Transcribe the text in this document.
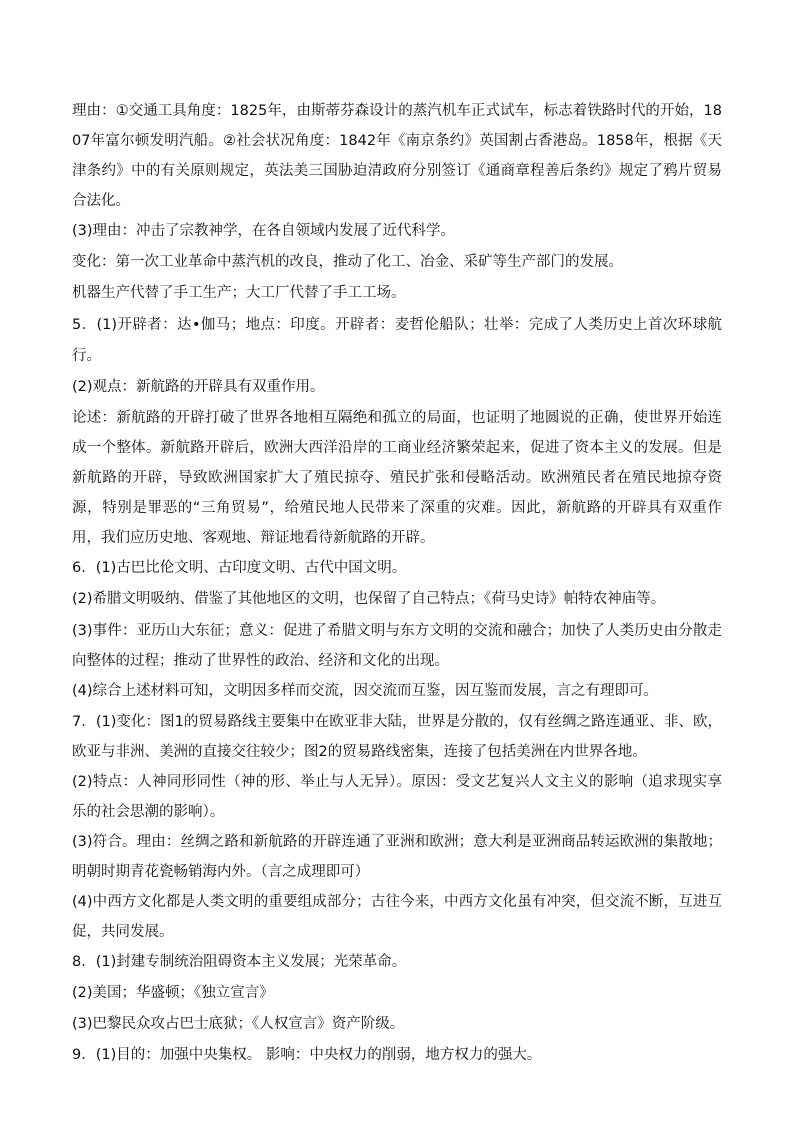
理由：①交通工具角度：1825年，由斯蒂芬森设计的蒸汽机车正式试车，标志着铁路时代的开始，1807年富尔顿发明汽船。②社会状况角度：1842年《南京条约》英国割占香港岛。1858年，根据《天津条约》中的有关原则规定，英法美三国胁迫清政府分别签订《通商章程善后条约》规定了鸦片贸易合法化。

(3)理由：冲击了宗教神学，在各自领域内发展了近代科学。

变化：第一次工业革命中蒸汽机的改良，推动了化工、冶金、采矿等生产部门的发展。

机器生产代替了手工生产；大工厂代替了手工工场。

5．(1)开辟者：达•伽马；地点：印度。开辟者：麦哲伦船队；壮举：完成了人类历史上首次环球航行。

(2)观点：新航路的开辟具有双重作用。

论述：新航路的开辟打破了世界各地相互隔绝和孤立的局面，也证明了地圆说的正确，使世界开始连成一个整体。新航路开辟后，欧洲大西洋沿岸的工商业经济繁荣起来，促进了资本主义的发展。但是新航路的开辟，导致欧洲国家扩大了殖民掠夺、殖民扩张和侵略活动。欧洲殖民者在殖民地掠夺资源，特别是罪恶的“三角贸易”，给殖民地人民带来了深重的灾难。因此，新航路的开辟具有双重作用，我们应历史地、客观地、辩证地看待新航路的开辟。

6．(1)古巴比伦文明、古印度文明、古代中国文明。

(2)希腊文明吸纳、借鉴了其他地区的文明，也保留了自己特点；《荷马史诗》帕特农神庙等。

(3)事件：亚历山大东征；意义：促进了希腊文明与东方文明的交流和融合；加快了人类历史由分散走向整体的过程；推动了世界性的政治、经济和文化的出现。

(4)综合上述材料可知，文明因多样而交流，因交流而互鉴，因互鉴而发展，言之有理即可。

7．(1)变化：图1的贸易路线主要集中在欧亚非大陆，世界是分散的，仅有丝绸之路连通亚、非、欧，欧亚与非洲、美洲的直接交往较少；图2的贸易路线密集，连接了包括美洲在内世界各地。

(2)特点：人神同形同性（神的形、举止与人无异）。原因：受文艺复兴人文主义的影响（追求现实享乐的社会思潮的影响）。

(3)符合。理由：丝绸之路和新航路的开辟连通了亚洲和欧洲；意大利是亚洲商品转运欧洲的集散地；明朝时期青花瓷畅销海内外。（言之成理即可）

(4)中西方文化都是人类文明的重要组成部分；古往今来，中西方文化虽有冲突，但交流不断，互进互促，共同发展。

8．(1)封建专制统治阻碍资本主义发展；光荣革命。

(2)美国；华盛顿；《独立宣言》

(3)巴黎民众攻占巴士底狱；《人权宣言》资产阶级。

9．(1)目的：加强中央集权。 影响：中央权力的削弱，地方权力的强大。
